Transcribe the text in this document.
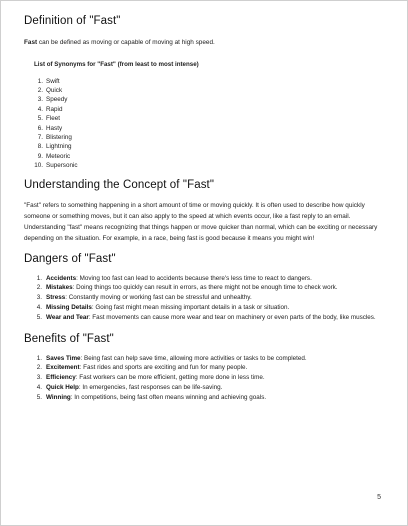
Definition of "Fast"

Fast can be defined as moving or capable of moving at high speed.

List of Synonyms for "Fast" (from least to most intense)
1. Swift
2. Quick
3. Speedy
4. Rapid
5. Fleet
6. Hasty
7. Blistering
8. Lightning
9. Meteoric
10. Supersonic
Understanding the Concept of "Fast"

"Fast" refers to something happening in a short amount of time or moving quickly. It is often used to describe how quickly someone or something moves, but it can also apply to the speed at which events occur, like a fast reply to an email. Understanding "fast" means recognizing that things happen or move quicker than normal, which can be exciting or necessary depending on the situation. For example, in a race, being fast is good because it means you might win!

Dangers of "Fast"
1. Accidents: Moving too fast can lead to accidents because there's less time to react to dangers.
2. Mistakes: Doing things too quickly can result in errors, as there might not be enough time to check work.
3. Stress: Constantly moving or working fast can be stressful and unhealthy.
4. Missing Details: Going fast might mean missing important details in a task or situation.
5. Wear and Tear: Fast movements can cause more wear and tear on machinery or even parts of the body, like muscles.
Benefits of "Fast"
1. Saves Time: Being fast can help save time, allowing more activities or tasks to be completed.
2. Excitement: Fast rides and sports are exciting and fun for many people.
3. Efficiency: Fast workers can be more efficient, getting more done in less time.
4. Quick Help: In emergencies, fast responses can be life-saving.
5. Winning: In competitions, being fast often means winning and achieving goals.
5
